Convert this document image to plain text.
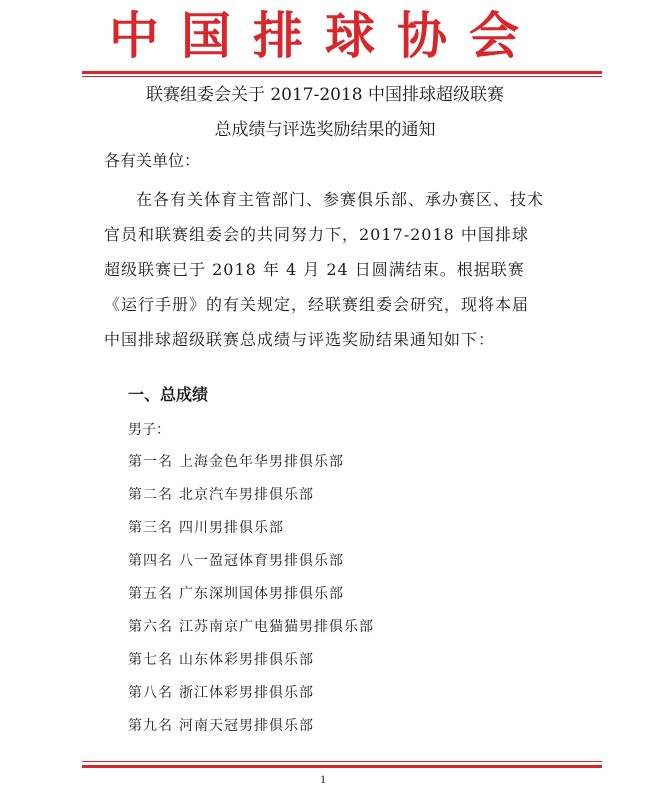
中国排球协会
联赛组委会关于 2017-2018 中国排球超级联赛
总成绩与评选奖励结果的通知
各有关单位：

在各有关体育主管部门、参赛俱乐部、承办赛区、技术官员和联赛组委会的共同努力下，2017-2018 中国排球超级联赛已于 2018 年 4 月 24 日圆满结束。根据联赛《运行手册》的有关规定，经联赛组委会研究，现将本届中国排球超级联赛总成绩与评选奖励结果通知如下：

一、总成绩
男子：
第一名 上海金色年华男排俱乐部
第二名 北京汽车男排俱乐部
第三名 四川男排俱乐部
第四名 八一盈冠体育男排俱乐部
第五名 广东深圳国体男排俱乐部
第六名 江苏南京广电猫猫男排俱乐部
第七名 山东体彩男排俱乐部
第八名 浙江体彩男排俱乐部
第九名 河南天冠男排俱乐部
1
